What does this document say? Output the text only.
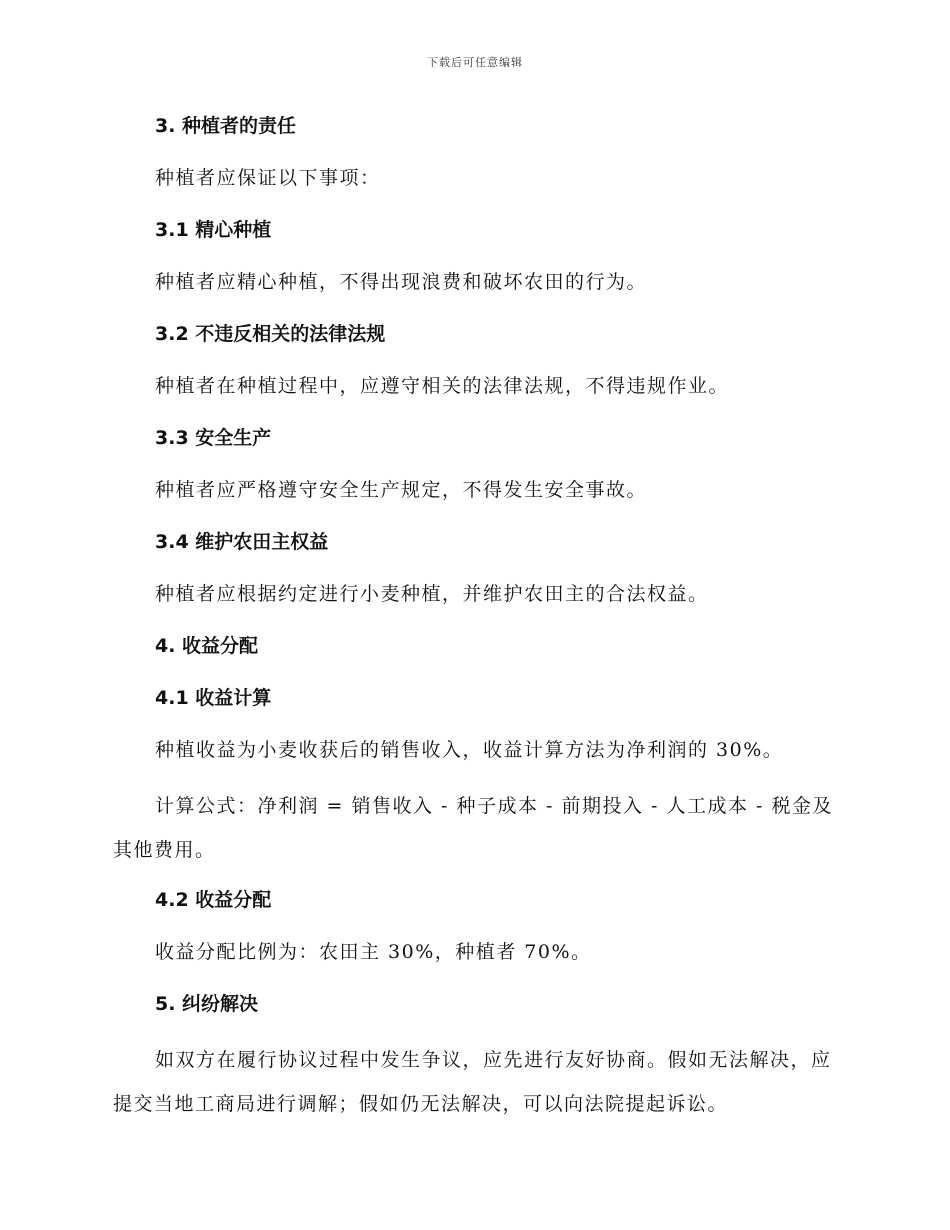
下载后可任意编辑
3. 种植者的责任

种植者应保证以下事项：

3.1 精心种植

种植者应精心种植，不得出现浪费和破坏农田的行为。

3.2 不违反相关的法律法规

种植者在种植过程中，应遵守相关的法律法规，不得违规作业。

3.3 安全生产

种植者应严格遵守安全生产规定，不得发生安全事故。

3.4 维护农田主权益

种植者应根据约定进行小麦种植，并维护农田主的合法权益。

4. 收益分配
4.1 收益计算

种植收益为小麦收获后的销售收入，收益计算方法为净利润的 30%。

计算公式：净利润 = 销售收入 - 种子成本 - 前期投入 - 人工成本 - 税金及其他费用。

4.2 收益分配

收益分配比例为：农田主 30%，种植者 70%。

5. 纠纷解决

如双方在履行协议过程中发生争议，应先进行友好协商。假如无法解决，应提交当地工商局进行调解；假如仍无法解决，可以向法院提起诉讼。
